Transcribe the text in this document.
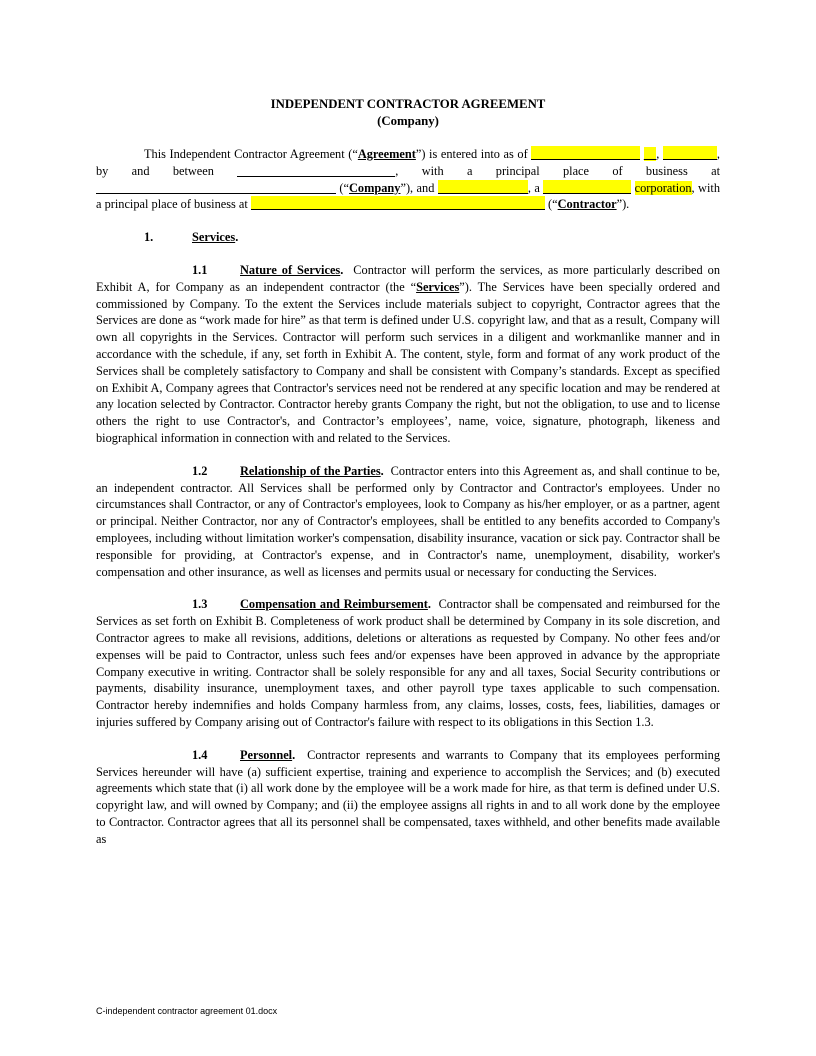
INDEPENDENT CONTRACTOR AGREEMENT
(Company)

This Independent Contractor Agreement (“Agreement”) is entered into as of	__,	, by and between	, with a principal place of business at  (“Company”), and	, a	corporation, with a principal place of business at	(“Contractor”).

1.	Services.

1.1	Nature of Services. Contractor will perform the services, as more particularly described on Exhibit A, for Company as an independent contractor (the “Services”). The Services have been specially ordered and commissioned by Company. To the extent the Services include materials subject to copyright, Contractor agrees that the Services are done as “work made for hire” as that term is defined under U.S. copyright law, and that as a result, Company will own all copyrights in the Services. Contractor will perform such services in a diligent and workmanlike manner and in accordance with the schedule, if any, set forth in Exhibit A. The content, style, form and format of any work product of the Services shall be completely satisfactory to Company and shall be consistent with Company’s standards. Except as specified on Exhibit A, Company agrees that Contractor's services need not be rendered at any specific location and may be rendered at any location selected by Contractor. Contractor hereby grants Company the right, but not the obligation, to use and to license others the right to use Contractor's, and Contractor’s employees’, name, voice, signature, photograph, likeness and biographical information in connection with and related to the Services.

1.2	Relationship of the Parties. Contractor enters into this Agreement as, and shall continue to be, an independent contractor. All Services shall be performed only by Contractor and Contractor's employees. Under no circumstances shall Contractor, or any of Contractor's employees, look to Company as his/her employer, or as a partner, agent or principal. Neither Contractor, nor any of Contractor's employees, shall be entitled to any benefits accorded to Company's employees, including without limitation worker's compensation, disability insurance, vacation or sick pay. Contractor shall be responsible for providing, at Contractor's expense, and in Contractor's name, unemployment, disability, worker's compensation and other insurance, as well as licenses and permits usual or necessary for conducting the Services.

1.3	Compensation and Reimbursement. Contractor shall be compensated and reimbursed for the Services as set forth on Exhibit B. Completeness of work product shall be determined by Company in its sole discretion, and Contractor agrees to make all revisions, additions, deletions or alterations as requested by Company. No other fees and/or expenses will be paid to Contractor, unless such fees and/or expenses have been approved in advance by the appropriate Company executive in writing. Contractor shall be solely responsible for any and all taxes, Social Security contributions or payments, disability insurance, unemployment taxes, and other payroll type taxes applicable to such compensation. Contractor hereby indemnifies and holds Company harmless from, any claims, losses, costs, fees, liabilities, damages or injuries suffered by Company arising out of Contractor's failure with respect to its obligations in this Section 1.3.

1.4	Personnel. Contractor represents and warrants to Company that its employees performing Services hereunder will have (a) sufficient expertise, training and experience to accomplish the Services; and (b) executed agreements which state that (i) all work done by the employee will be a work made for hire, as that term is defined under U.S. copyright law, and will owned by Company; and (ii) the employee assigns all rights in and to all work done by the employee to Contractor. Contractor agrees that all its personnel shall be compensated, taxes withheld, and other benefits made available as

C-independent contractor agreement 01.docx
